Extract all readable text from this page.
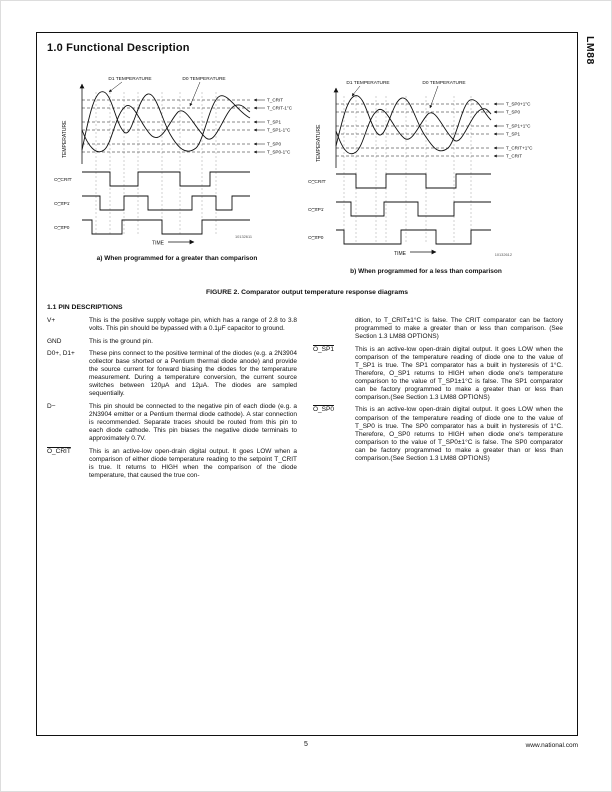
1.0 Functional Description	LM88
T_CRIT
T_CRIT-1°C
T_SP1
T_SP1-1°C
T_SP0
T_SP0-1°C
TEMPERATURE
D1 TEMPERATURE	D0 TEMPERATURE
O_CRIT
O_SP1
O_SP0
TIME
10132611
a) When programmed for a greater than comparison
T_SP0+1°C
T_SP0
T_SP1+1°C
T_SP1
T_CRIT+1°C
T_CRIT
TEMPERATURE
D1 TEMPERATURE	D0 TEMPERATURE
O_CRIT
O_SP1
O_SP0
TIME	10132612
b) When programmed for a less than comparison
FIGURE 2. Comparator output temperature response diagrams
1.1 PIN DESCRIPTIONS
V+	This is the positive supply voltage pin, which has a range of 2.8 to 3.8 volts. This pin should be bypassed with a 0.1μF capacitor to ground.

GND	This is the ground pin.

D0+, D1+	These pins connect to the positive terminal of the diodes (e.g. a 2N3904 collector base shorted or a Pentium thermal diode anode) and provide the source current for forward biasing the diodes for the temperature measurement. During a temperature conversion, the current source switches between 120μA and 12μA. The diodes are sampled sequentially.

D−	This pin should be connected to the negative pin of each diode (e.g. a 2N3904 emitter or a Pentium thermal diode cathode). A star connection is recommended. Separate traces should be routed from this pin to each diode cathode. This pin biases the negative diode terminals to approximately 0.7V.

O_CRIT	This is an active-low open-drain digital output. It goes LOW when a comparison of either diode temperature reading to the setpoint T_CRIT is true. It returns to HIGH when the comparison of the diode temperature, that caused the true con-

dition, to T_CRIT±1°C is false. The CRIT comparator can be factory programmed to make a greater than or less than comparison. (See Section 1.3 LM88 OPTIONS)

O_SP1	This is an active-low open-drain digital output. It goes LOW when the comparison of the temperature reading of diode one to the value of T_SP1 is true. The SP1 comparator has a built in hysteresis of 1°C. Therefore, O_SP1 returns to HIGH when diode one's temperature comparison to the value of T_SP1±1°C is false. The SP1 comparator can be factory programmed to make a greater than or less than comparison.(See Section 1.3 LM88 OPTIONS)

O_SP0	This is an active-low open-drain digital output. It goes LOW when the comparison of the temperature reading of diode one to the value of T_SP0 is true. The SP0 comparator has a built in hysteresis of 1°C. Therefore, O_SP0 returns to HIGH when diode one's temperature comparison to the value of T_SP0±1°C is false. The SP0 comparator can be factory programmed to make a greater than or less than comparison.(See Section 1.3 LM88 OPTIONS)

5	www.national.com
